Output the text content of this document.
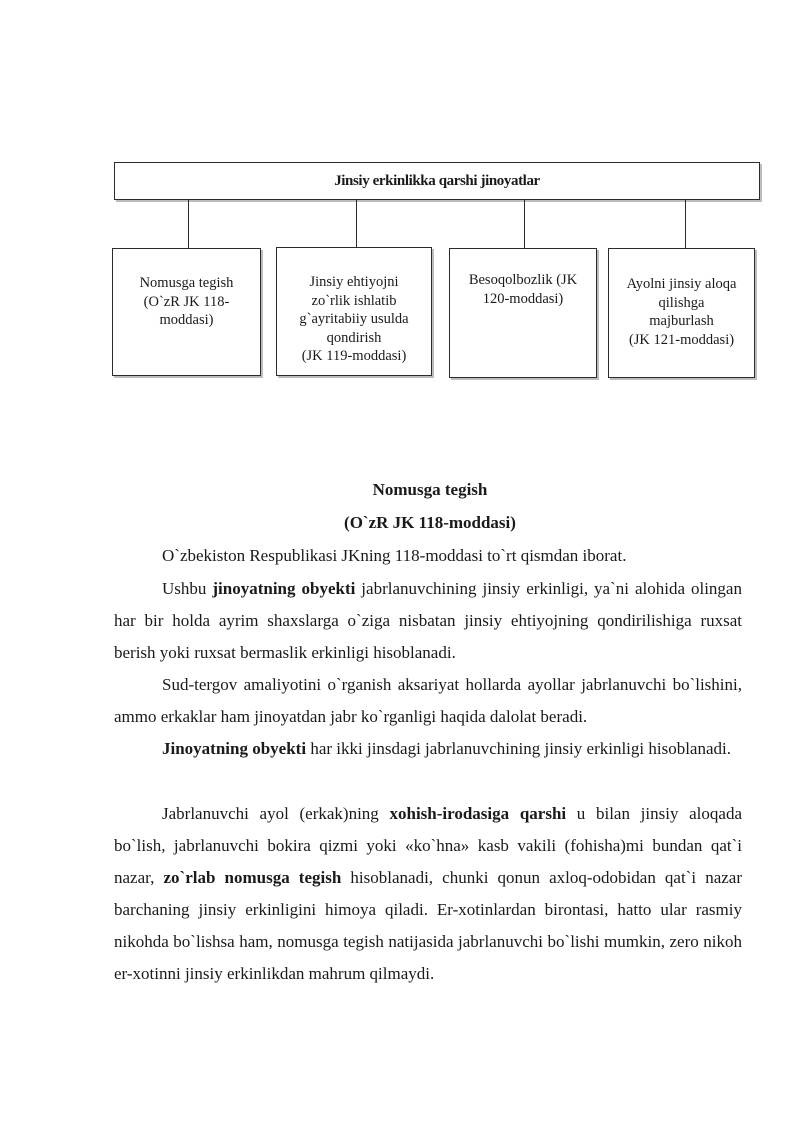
Jinsiy erkinlikka qarshi jinoyatlar
Nomusga tegish
(O`zR JK 118-
moddasi)
Jinsiy ehtiyojni
zo`rlik ishlatib
g`ayritabiiy usulda
qondirish
(JK 119-moddasi)
Besoqolbozlik (JK
120-moddasi)
Ayolni jinsiy aloqa
qilishga
majburlash
(JK 121-moddasi)
Nomusga tegish
(O`zR JK 118-moddasi)

O`zbekiston Respublikasi JKning 118-moddasi to`rt qismdan iborat.

Ushbu jinoyatning obyekti jabrlanuvchining jinsiy erkinligi, ya`ni alohida olingan har bir holda ayrim shaxslarga o`ziga nisbatan jinsiy ehtiyojning qondirilishiga ruxsat berish yoki ruxsat bermaslik erkinligi hisoblanadi.

Sud-tergov amaliyotini o`rganish aksariyat hollarda ayollar jabrlanuvchi bo`lishini, ammo erkaklar ham jinoyatdan jabr ko`rganligi haqida dalolat beradi.

Jinoyatning obyekti har ikki jinsdagi jabrlanuvchining jinsiy erkinligi hisoblanadi.

Jabrlanuvchi ayol (erkak)ning xohish-irodasiga qarshi u bilan jinsiy aloqada bo`lish, jabrlanuvchi bokira qizmi yoki «ko`hna» kasb vakili (fohisha)mi bundan qat`i nazar, zo`rlab nomusga tegish hisoblanadi, chunki qonun axloq-odobidan qat`i nazar barchaning jinsiy erkinligini himoya qiladi. Er-xotinlardan birontasi, hatto ular rasmiy nikohda bo`lishsa ham, nomusga tegish natijasida jabrlanuvchi bo`lishi mumkin, zero nikoh er-xotinni jinsiy erkinlikdan mahrum qilmaydi.
